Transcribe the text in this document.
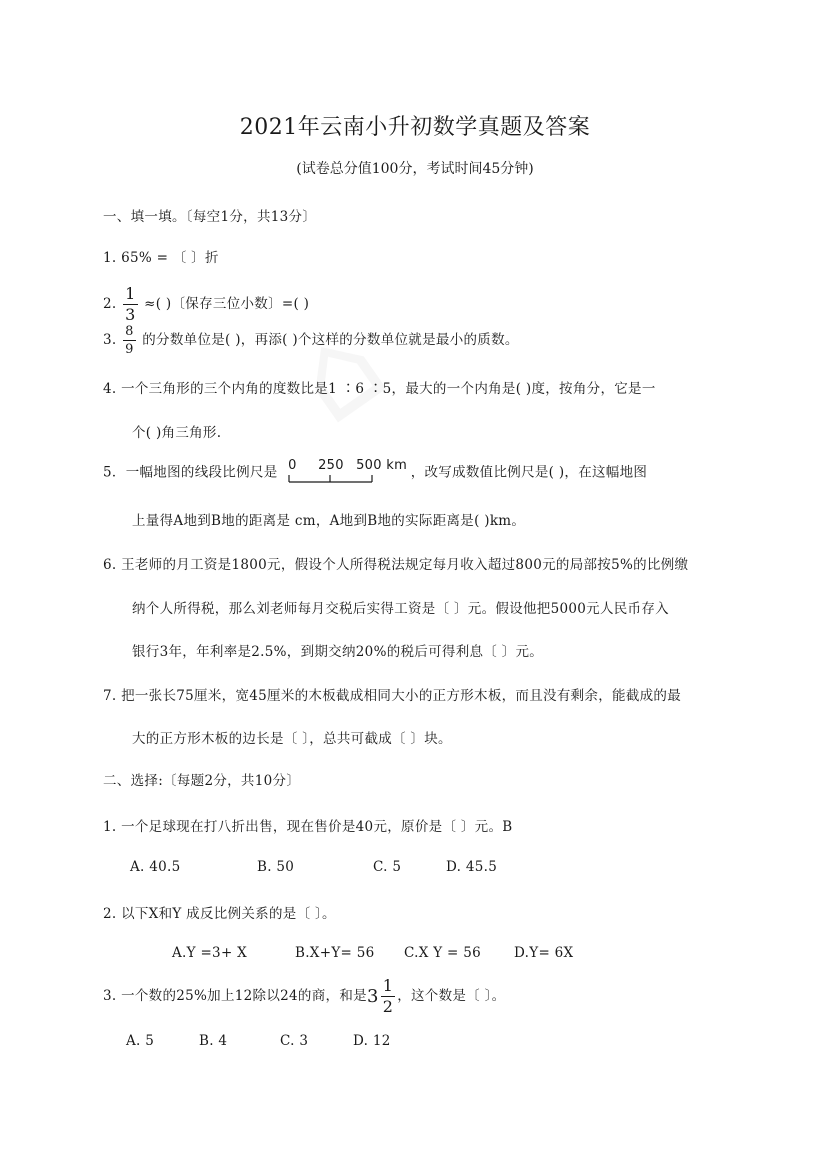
2021年云南小升初数学真题及答案
(试卷总分值100分，考试时间45分钟)
一、填一填。〔每空1分，共13分〕
1. 65% = 〔 〕折
2. $\frac{1}{3}$ ≈( )〔保存三位小数〕=( )
3. $\frac{8}{9}$ 的分数单位是( )，再添( )个这样的分数单位就是最小的质数。
4. 一个三角形的三个内角的度数比是1 ∶6 ∶5，最大的一个内角是( )度，按角分，它是一
个( )角三角形.
5．一幅地图的线段比例尺是 0 250 500 km ，改写成数值比例尺是( )，在这幅地图
上量得A地到B地的距离是 cm，A地到B地的实际距离是( )km。
6. 王老师的月工资是1800元，假设个人所得税法规定每月收入超过800元的局部按5%的比例缴
纳个人所得税，那么刘老师每月交税后实得工资是〔 〕元。假设他把5000元人民币存入
银行3年，年利率是2.5%，到期交纳20%的税后可得利息〔 〕元。
7. 把一张长75厘米，宽45厘米的木板截成相同大小的正方形木板，而且没有剩余，能截成的最
大的正方形木板的边长是〔 〕，总共可截成〔 〕块。
二、选择:〔每题2分，共10分〕
1. 一个足球现在打八折出售，现在售价是40元，原价是〔 〕元。B
A. 40.5	B. 50	C. 5	D. 45.5
2. 以下X和Y 成反比例关系的是〔 〕。
A.Y =3+ X	B.X+Y= 56 C.X Y = 56 D.Y= 6X
3. 一个数的25%加上12除以24的商，和是$3 \frac{1}{2}$ ，这个数是〔 〕。
A. 5	B. 4	C. 3	D. 12
